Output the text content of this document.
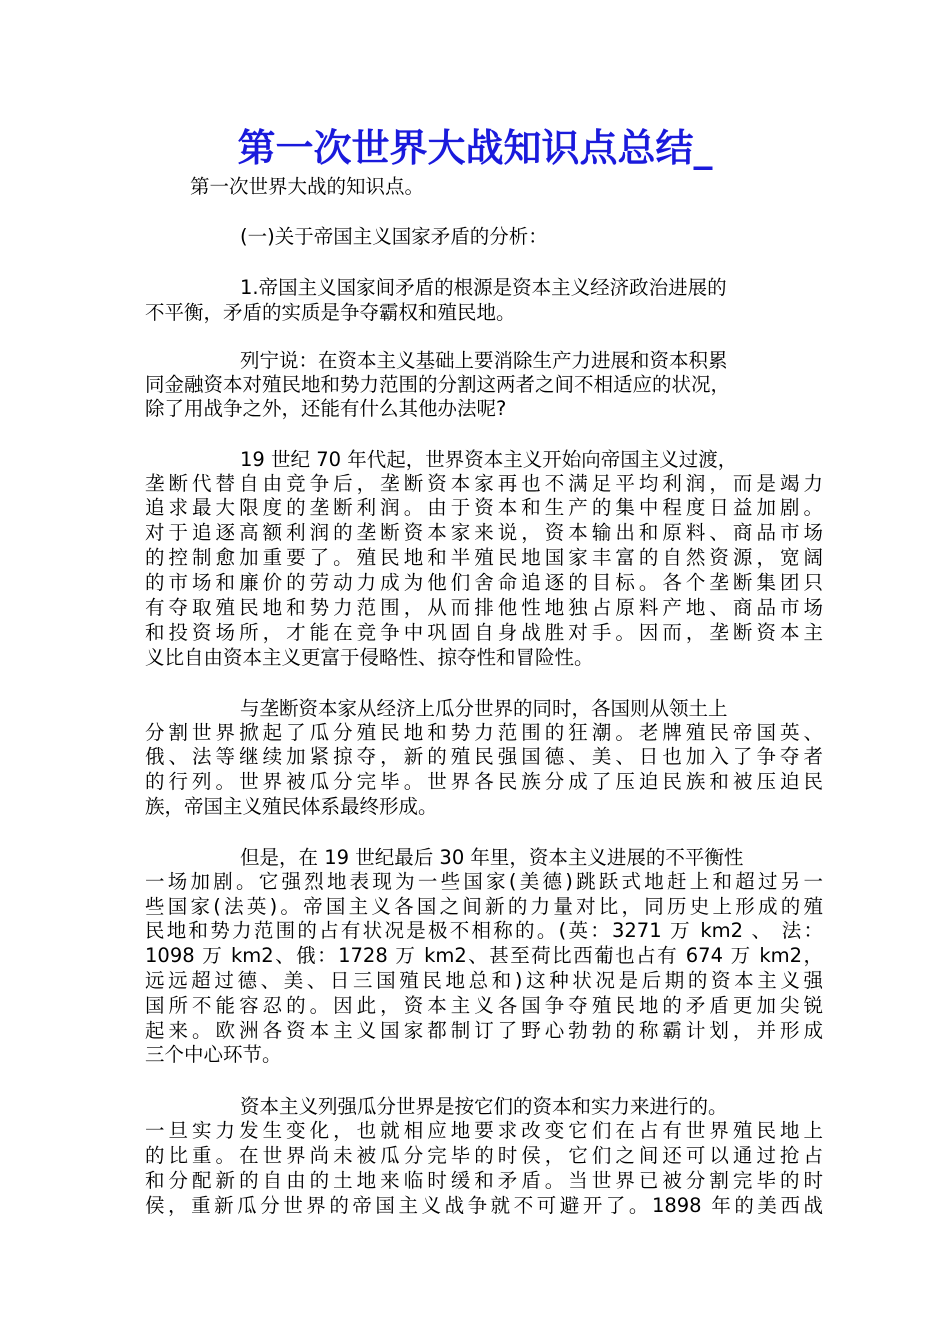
第一次世界大战知识点总结_
第一次世界大战的知识点。
(一)关于帝国主义国家矛盾的分析：
1.帝国主义国家间矛盾的根源是资本主义经济政治进展的
不平衡，矛盾的实质是争夺霸权和殖民地。
列宁说：在资本主义基础上要消除生产力进展和资本积累
同金融资本对殖民地和势力范围的分割这两者之间不相适应的状况，
除了用战争之外，还能有什么其他办法呢?
19 世纪 70 年代起，世界资本主义开始向帝国主义过渡，
垄断代替自由竞争后，垄断资本家再也不满足平均利润，而是竭力
追求最大限度的垄断利润。由于资本和生产的集中程度日益加剧。
对于追逐高额利润的垄断资本家来说，资本输出和原料、商品市场
的控制愈加重要了。殖民地和半殖民地国家丰富的自然资源，宽阔
的市场和廉价的劳动力成为他们舍命追逐的目标。各个垄断集团只
有夺取殖民地和势力范围，从而排他性地独占原料产地、商品市场
和投资场所，才能在竞争中巩固自身战胜对手。因而，垄断资本主
义比自由资本主义更富于侵略性、掠夺性和冒险性。
与垄断资本家从经济上瓜分世界的同时，各国则从领土上
分割世界掀起了瓜分殖民地和势力范围的狂潮。老牌殖民帝国英、
俄、法等继续加紧掠夺，新的殖民强国德、美、日也加入了争夺者
的行列。世界被瓜分完毕。世界各民族分成了压迫民族和被压迫民
族，帝国主义殖民体系最终形成。
但是，在 19 世纪最后 30 年里，资本主义进展的不平衡性
一场加剧。它强烈地表现为一些国家(美德)跳跃式地赶上和超过另一
些国家(法英)。帝国主义各国之间新的力量对比，同历史上形成的殖
民地和势力范围的占有状况是极不相称的。(英：3271 万 km2 、 法：
1098 万 km2、俄：1728 万 km2、甚至荷比西葡也占有 674 万 km2，
远远超过德、美、日三国殖民地总和)这种状况是后期的资本主义强
国所不能容忍的。因此，资本主义各国争夺殖民地的矛盾更加尖锐
起来。欧洲各资本主义国家都制订了野心勃勃的称霸计划，并形成
三个中心环节。
资本主义列强瓜分世界是按它们的资本和实力来进行的。
一旦实力发生变化，也就相应地要求改变它们在占有世界殖民地上
的比重。在世界尚未被瓜分完毕的时侯，它们之间还可以通过抢占
和分配新的自由的土地来临时缓和矛盾。当世界已被分割完毕的时
侯，重新瓜分世界的帝国主义战争就不可避开了。1898 年的美西战
